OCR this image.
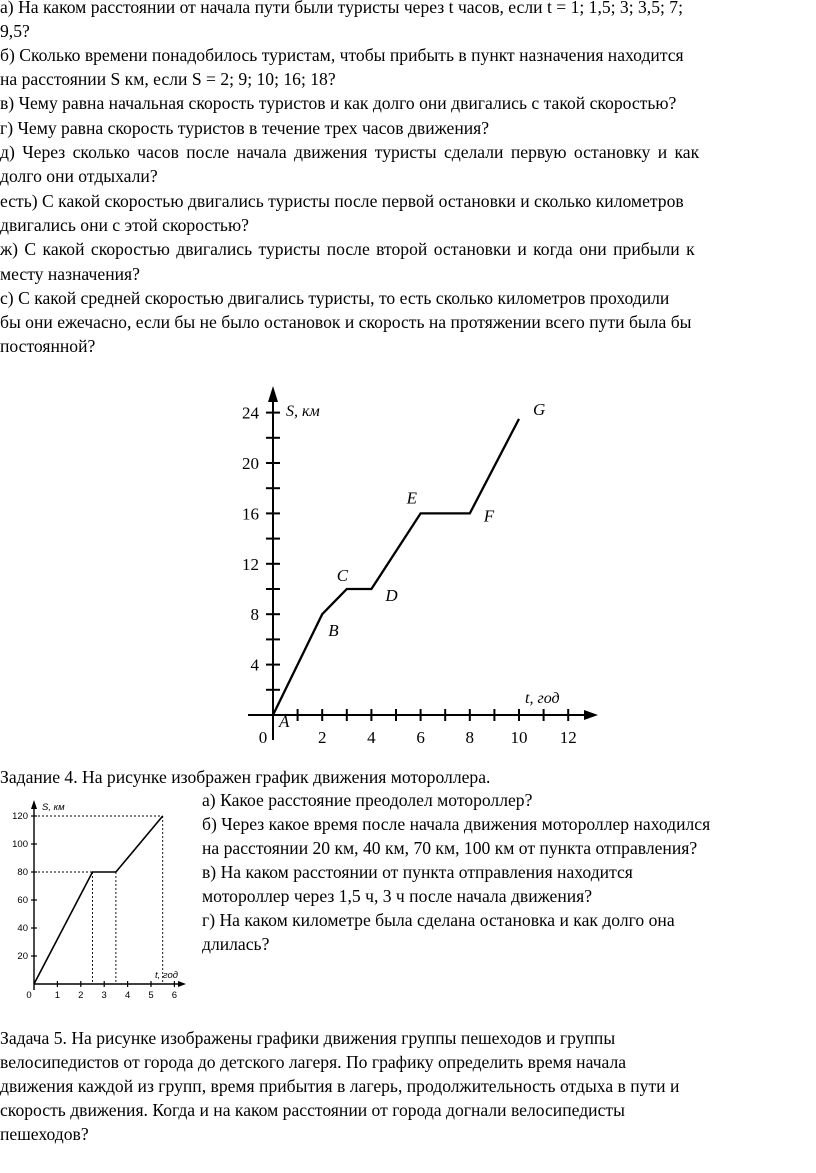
а) На каком расстоянии от начала пути были туристы через t часов, если t = 1; 1,5; 3; 3,5; 7;
9,5?
б) Сколько времени понадобилось туристам, чтобы прибыть в пункт назначения находится
на расстоянии S км, если S = 2; 9; 10; 16; 18?
в) Чему равна начальная скорость туристов и как долго они двигались с такой скоростью?
г) Чему равна скорость туристов в течение трех часов движения?
д) Через сколько часов после начала движения туристы сделали первую остановку и как
долго они отдыхали?
есть) С какой скоростью двигались туристы после первой остановки и сколько километров
двигались они с этой скоростью?
ж) С какой скоростью двигались туристы после второй остановки и когда они прибыли к
месту назначения?
с) С какой средней скоростью двигались туристы, то есть сколько километров проходили
бы они ежечасно, если бы не было остановок и скорость на протяжении всего пути была бы
постоянной?
S, км
t, год
0	2 4 6 8 10 12
4
8
12
16
20
24
A
B
C
D
E
F
G
Задание 4. На рисунке изображен график движения мотороллера.
S, км
t, год
0 1 2 3 4 5 6
20
40
60
80
100
120
а) Какое расстояние преодолел мотороллер?
б) Через какое время после начала движения мотороллер находился
на расстоянии 20 км, 40 км, 70 км, 100 км от пункта отправления?
в) На каком расстоянии от пункта отправления находится
мотороллер через 1,5 ч, 3 ч после начала движения?
г) На каком километре была сделана остановка и как долго она
длилась?
Задача 5. На рисунке изображены графики движения группы пешеходов и группы
велосипедистов от города до детского лагеря. По графику определить время начала
движения каждой из групп, время прибытия в лагерь, продолжительность отдыха в пути и
скорость движения. Когда и на каком расстоянии от города догнали велосипедисты
пешеходов?
